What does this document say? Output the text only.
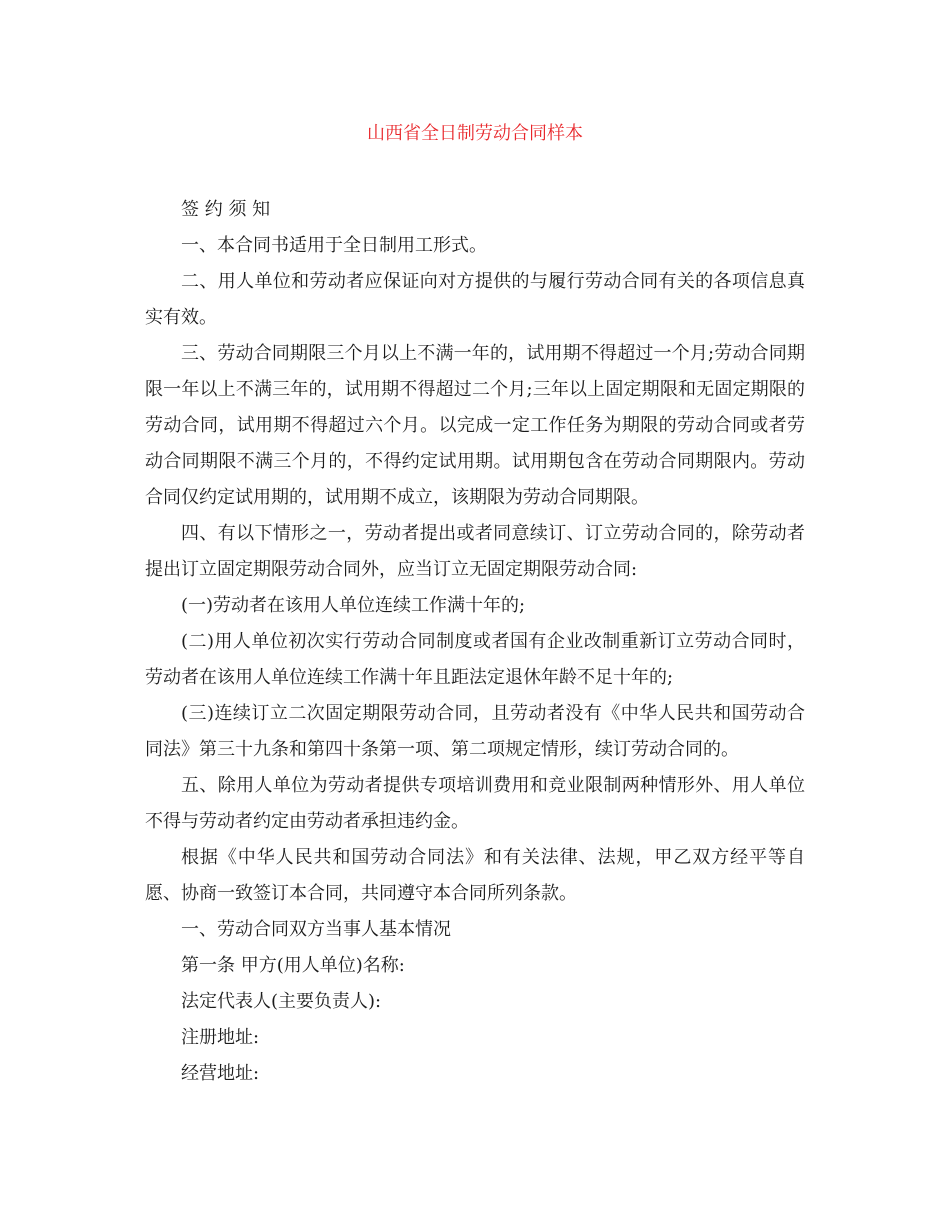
山西省全日制劳动合同样本

签 约 须 知

一、本合同书适用于全日制用工形式。

二、用人单位和劳动者应保证向对方提供的与履行劳动合同有关的各项信息真实有效。

三、劳动合同期限三个月以上不满一年的，试用期不得超过一个月;劳动合同期限一年以上不满三年的，试用期不得超过二个月;三年以上固定期限和无固定期限的劳动合同，试用期不得超过六个月。以完成一定工作任务为期限的劳动合同或者劳动合同期限不满三个月的，不得约定试用期。试用期包含在劳动合同期限内。劳动合同仅约定试用期的，试用期不成立，该期限为劳动合同期限。

四、有以下情形之一，劳动者提出或者同意续订、订立劳动合同的，除劳动者提出订立固定期限劳动合同外，应当订立无固定期限劳动合同:

(一)劳动者在该用人单位连续工作满十年的;

(二)用人单位初次实行劳动合同制度或者国有企业改制重新订立劳动合同时，劳动者在该用人单位连续工作满十年且距法定退休年龄不足十年的;

(三)连续订立二次固定期限劳动合同，且劳动者没有《中华人民共和国劳动合同法》第三十九条和第四十条第一项、第二项规定情形，续订劳动合同的。

五、除用人单位为劳动者提供专项培训费用和竞业限制两种情形外、用人单位不得与劳动者约定由劳动者承担违约金。

根据《中华人民共和国劳动合同法》和有关法律、法规，甲乙双方经平等自愿、协商一致签订本合同，共同遵守本合同所列条款。

一、劳动合同双方当事人基本情况

第一条 甲方(用人单位)名称:

法定代表人(主要负责人):

注册地址:

经营地址:
